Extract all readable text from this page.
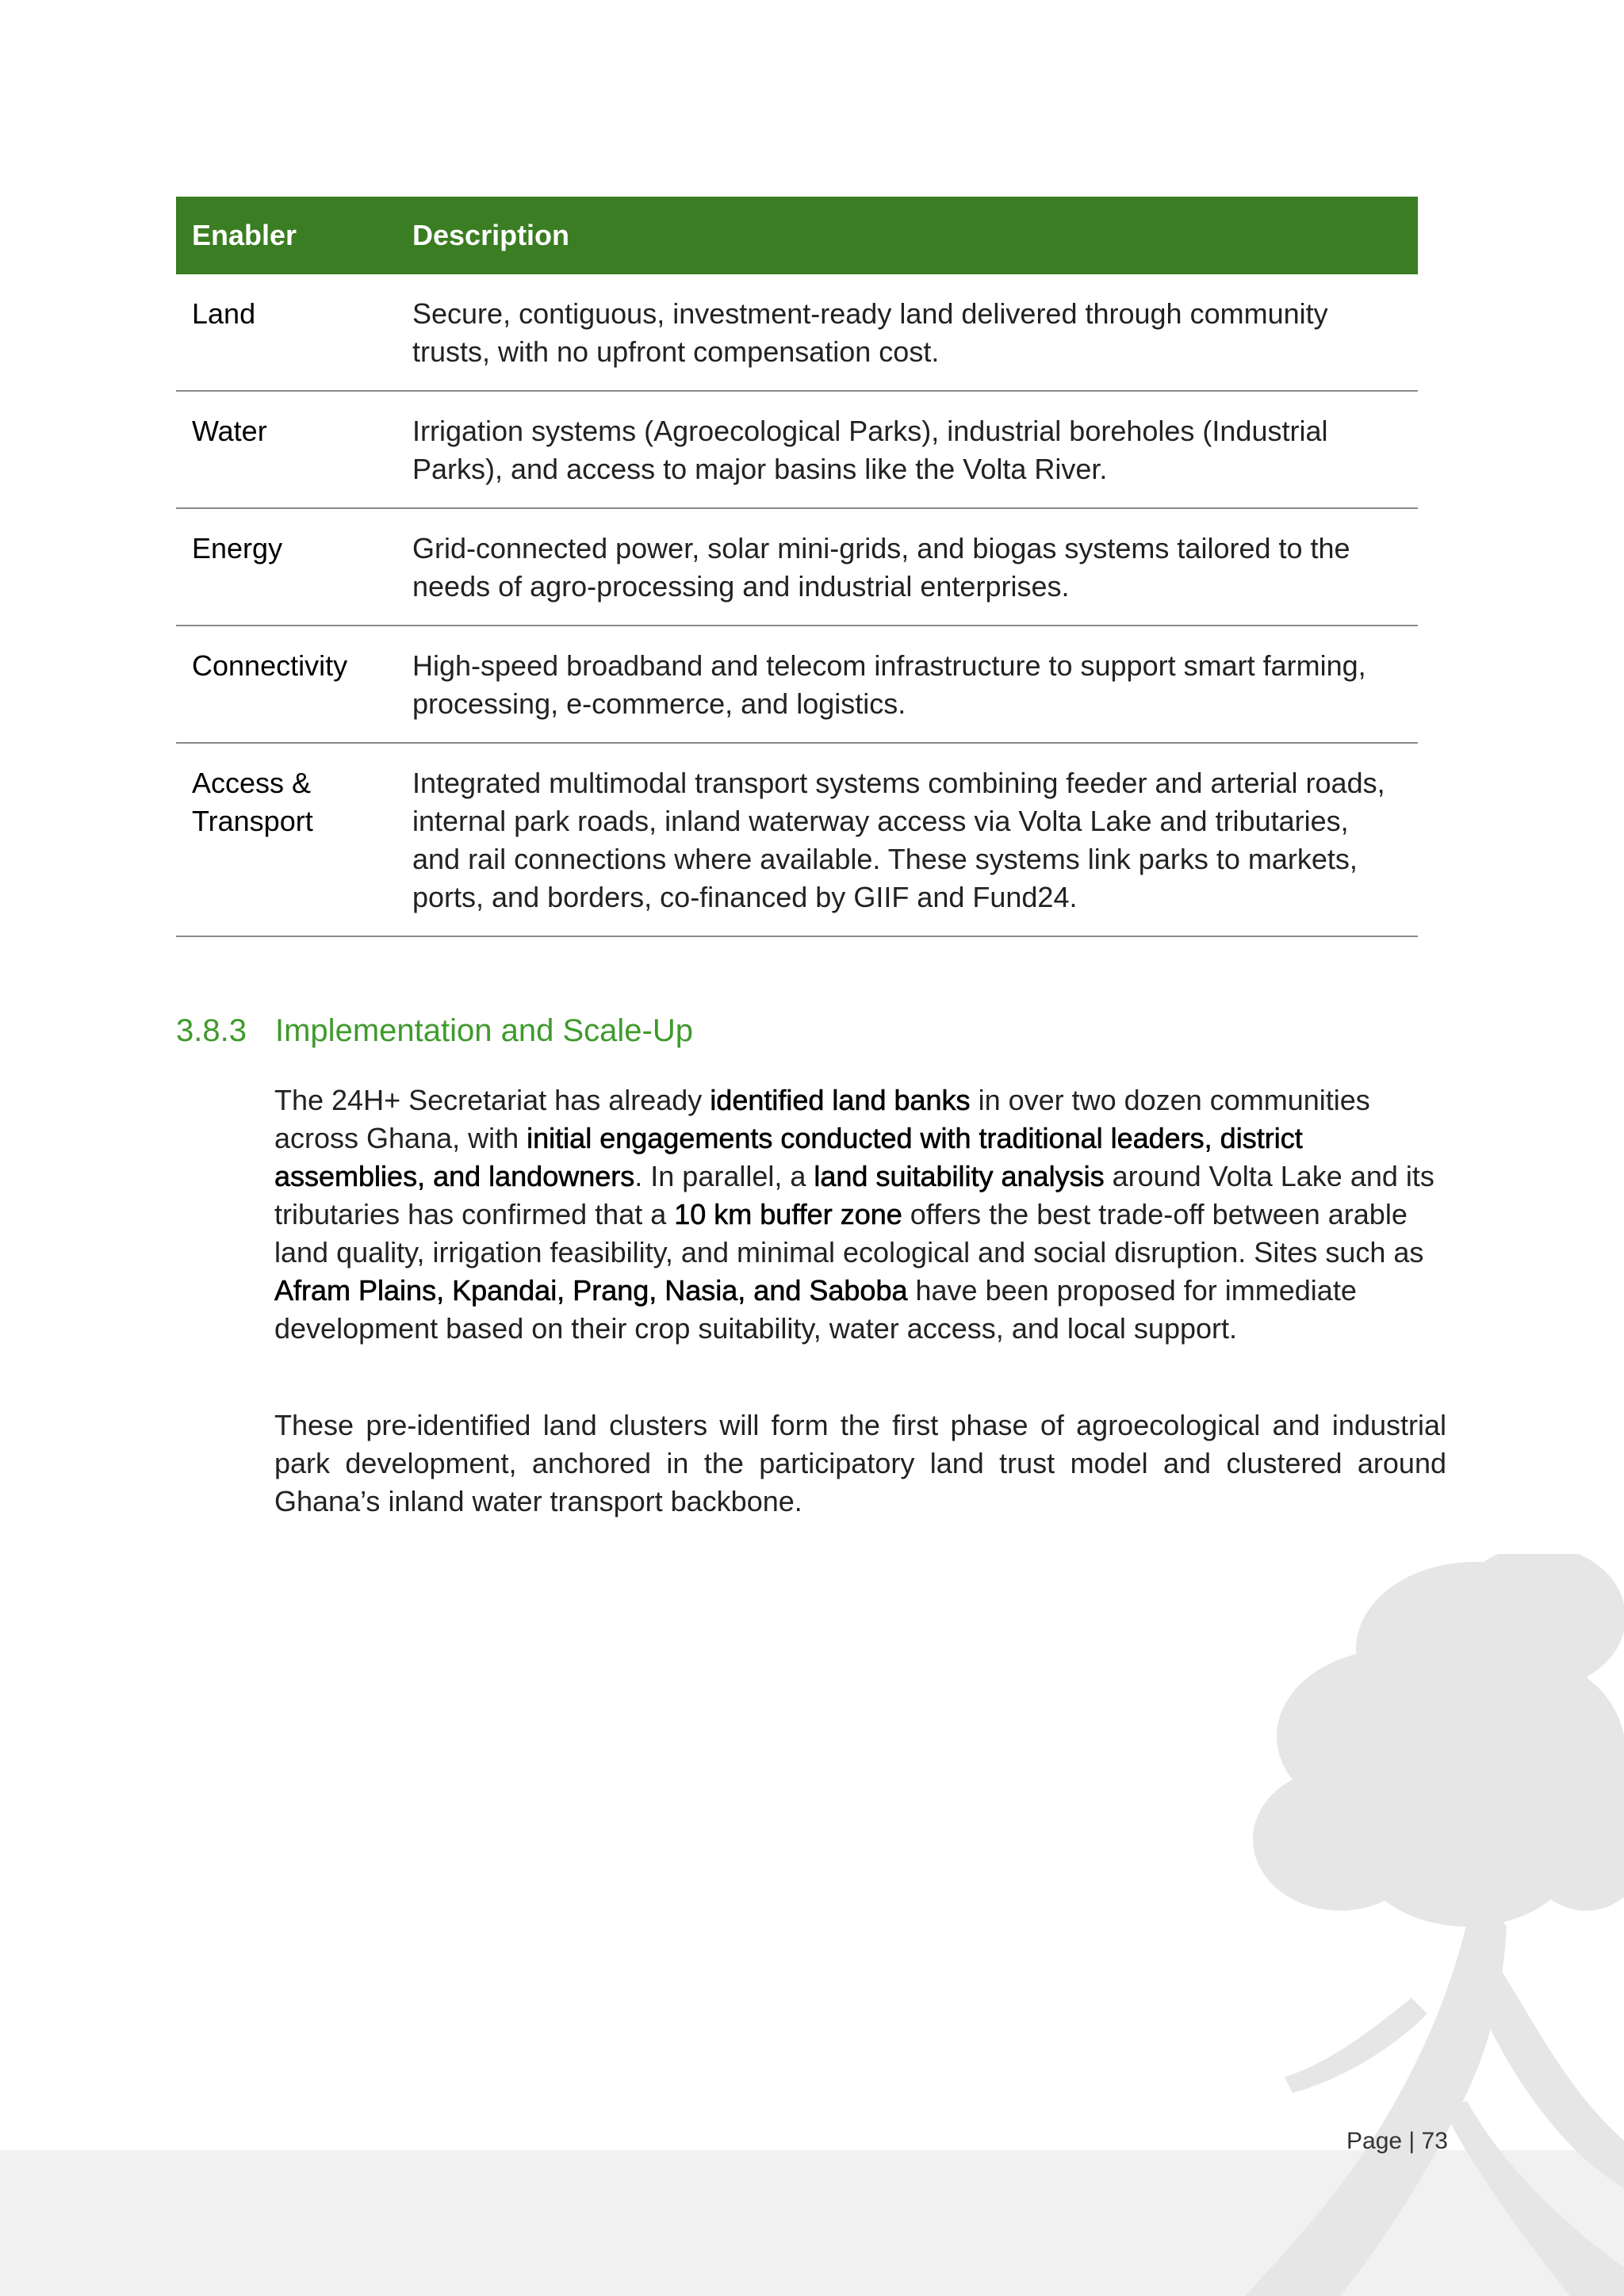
Enabler	Description
Land	Secure, contiguous, investment-ready land delivered through community trusts, with no upfront compensation cost.
Water	Irrigation systems (Agroecological Parks), industrial boreholes (Industrial Parks), and access to major basins like the Volta River.
Energy	Grid-connected power, solar mini-grids, and biogas systems tailored to the needs of agro-processing and industrial enterprises.
Connectivity	High-speed broadband and telecom infrastructure to support smart farming, processing, e-commerce, and logistics.
Access & Transport	Integrated multimodal transport systems combining feeder and arterial roads, internal park roads, inland waterway access via Volta Lake and tributaries, and rail connections where available. These systems link parks to markets, ports, and borders, co-financed by GIIF and Fund24.
3.8.3 Implementation and Scale-Up

The 24H+ Secretariat has already identified land banks in over two dozen communities across Ghana, with initial engagements conducted with traditional leaders, district assemblies, and landowners. In parallel, a land suitability analysis around Volta Lake and its tributaries has confirmed that a 10 km buffer zone offers the best trade-off between arable land quality, irrigation feasibility, and minimal ecological and social disruption. Sites such as Afram Plains, Kpandai, Prang, Nasia, and Saboba have been proposed for immediate development based on their crop suitability, water access, and local support.

These pre-identified land clusters will form the first phase of agroecological and industrial park development, anchored in the participatory land trust model and clustered around Ghana’s inland water transport backbone.

Page | 73
